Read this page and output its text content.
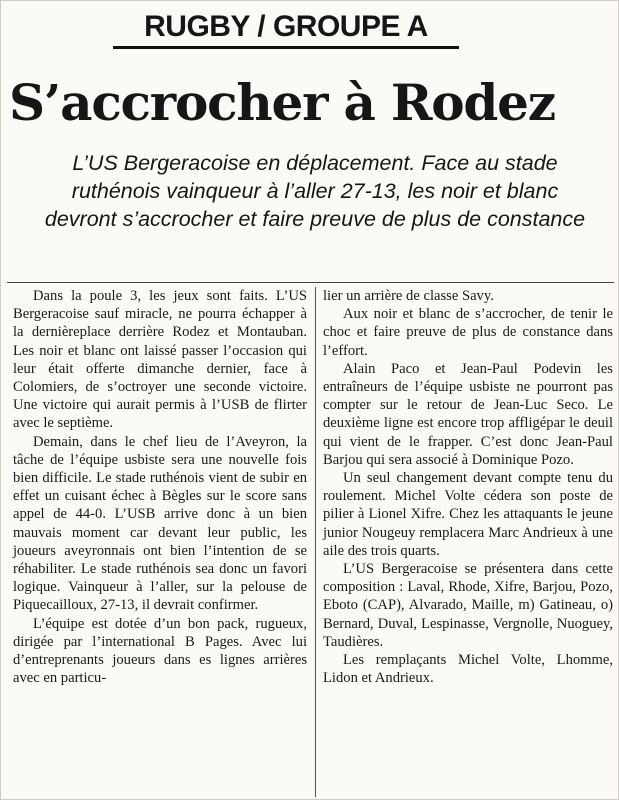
RUGBY / GROUPE A
S’accrocher à Rodez
L’US Bergeracoise en déplacement. Face au stade ruthénois vainqueur à l’aller 27-13, les noir et blanc devront s’accrocher et faire preuve de plus de constance

Dans la poule 3, les jeux sont faits. L’US Bergeracoise sauf miracle, ne pourra échapper à la dernièreplace derrière Rodez et Montauban. Les noir et blanc ont laissé passer l’occasion qui leur était offerte dimanche dernier, face à Colomiers, de s’octroyer une seconde victoire. Une victoire qui aurait permis à l’USB de flirter avec le septième.

Demain, dans le chef lieu de l’Aveyron, la tâche de l’équipe usbiste sera une nouvelle fois bien difficile. Le stade ruthénois vient de subir en effet un cuisant échec à Bègles sur le score sans appel de 44-0. L’USB arrive donc à un bien mauvais moment car devant leur public, les joueurs aveyronnais ont bien l’intention de se réhabiliter. Le stade ruthénois sea donc un favori logique. Vainqueur à l’aller, sur la pelouse de Piquecailloux, 27-13, il devrait confirmer.

L’équipe est dotée d’un bon pack, rugueux, dirigée par l’international B Pages. Avec lui d’entreprenants joueurs dans es lignes arrières avec en particu-

lier un arrière de classe Savy.

Aux noir et blanc de s’accrocher, de tenir le choc et faire preuve de plus de constance dans l’effort.

Alain Paco et Jean-Paul Podevin les entraîneurs de l’équipe usbiste ne pourront pas compter sur le retour de Jean-Luc Seco. Le deuxième ligne est encore trop affligépar le deuil qui vient de le frapper. C’est donc Jean-Paul Barjou qui sera associé à Dominique Pozo.

Un seul changement devant compte tenu du roulement. Michel Volte cédera son poste de pilier à Lionel Xifre. Chez les attaquants le jeune junior Nougeuy remplacera Marc Andrieux à une aile des trois quarts.

L’US Bergeracoise se présentera dans cette composition : Laval, Rhode, Xifre, Barjou, Pozo, Eboto (CAP), Alvarado, Maille, m) Gatineau, o) Bernard, Duval, Lespinasse, Vergnolle, Nuoguey, Taudières.

Les remplaçants Michel Volte, Lhomme, Lidon et Andrieux.
